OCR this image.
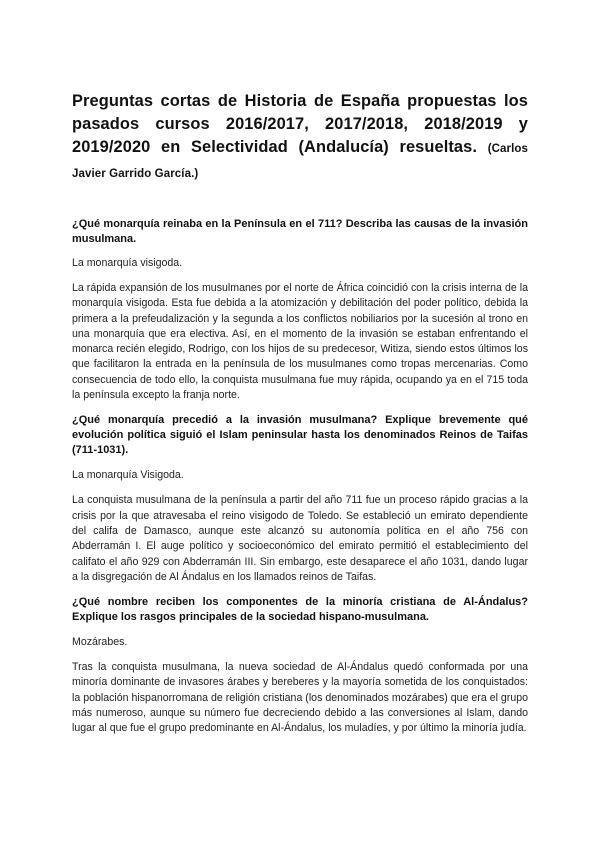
Preguntas cortas de Historia de España propuestas los pasados cursos 2016/2017, 2017/2018, 2018/2019 y 2019/2020 en Selectividad (Andalucía) resueltas. (Carlos Javier Garrido García.)

¿Qué monarquía reinaba en la Península en el 711? Describa las causas de la invasión musulmana.

La monarquía visigoda.

La rápida expansión de los musulmanes por el norte de África coincidió con la crisis interna de la monarquía visigoda. Esta fue debida a la atomización y debilitación del poder político, debida la primera a la prefeudalización y la segunda a los conflictos nobiliarios por la sucesión al trono en una monarquía que era electiva. Así, en el momento de la invasión se estaban enfrentando el monarca recién elegido, Rodrigo, con los hijos de su predecesor, Witiza, siendo estos últimos los que facilitaron la entrada en la península de los musulmanes como tropas mercenarias. Como consecuencia de todo ello, la conquista musulmana fue muy rápida, ocupando ya en el 715 toda la península excepto la franja norte.

¿Qué monarquía precedió a la invasión musulmana? Explique brevemente qué evolución política siguió el Islam peninsular hasta los denominados Reinos de Taifas (711-1031).

La monarquía Visigoda.

La conquista musulmana de la península a partir del año 711 fue un proceso rápido gracias a la crisis por la que atravesaba el reino visigodo de Toledo. Se estableció un emirato dependiente del califa de Damasco, aunque este alcanzó su autonomía política en el año 756 con Abderramán I. El auge político y socioeconómico del emirato permitió el establecimiento del califato el año 929 con Abderramán III. Sin embargo, este desaparece el año 1031, dando lugar a la disgregación de Al Ándalus en los llamados reinos de Taifas.

¿Qué nombre reciben los componentes de la minoría cristiana de Al-Ándalus? Explique los rasgos principales de la sociedad hispano-musulmana.

Mozárabes.

Tras la conquista musulmana, la nueva sociedad de Al-Ándalus quedó conformada por una minoría dominante de invasores árabes y bereberes y la mayoría sometida de los conquistados: la población hispanorromana de religión cristiana (los denominados mozárabes) que era el grupo más numeroso, aunque su número fue decreciendo debido a las conversiones al Islam, dando lugar al que fue el grupo predominante en Al-Ándalus, los muladíes, y por último la minoría judía.
